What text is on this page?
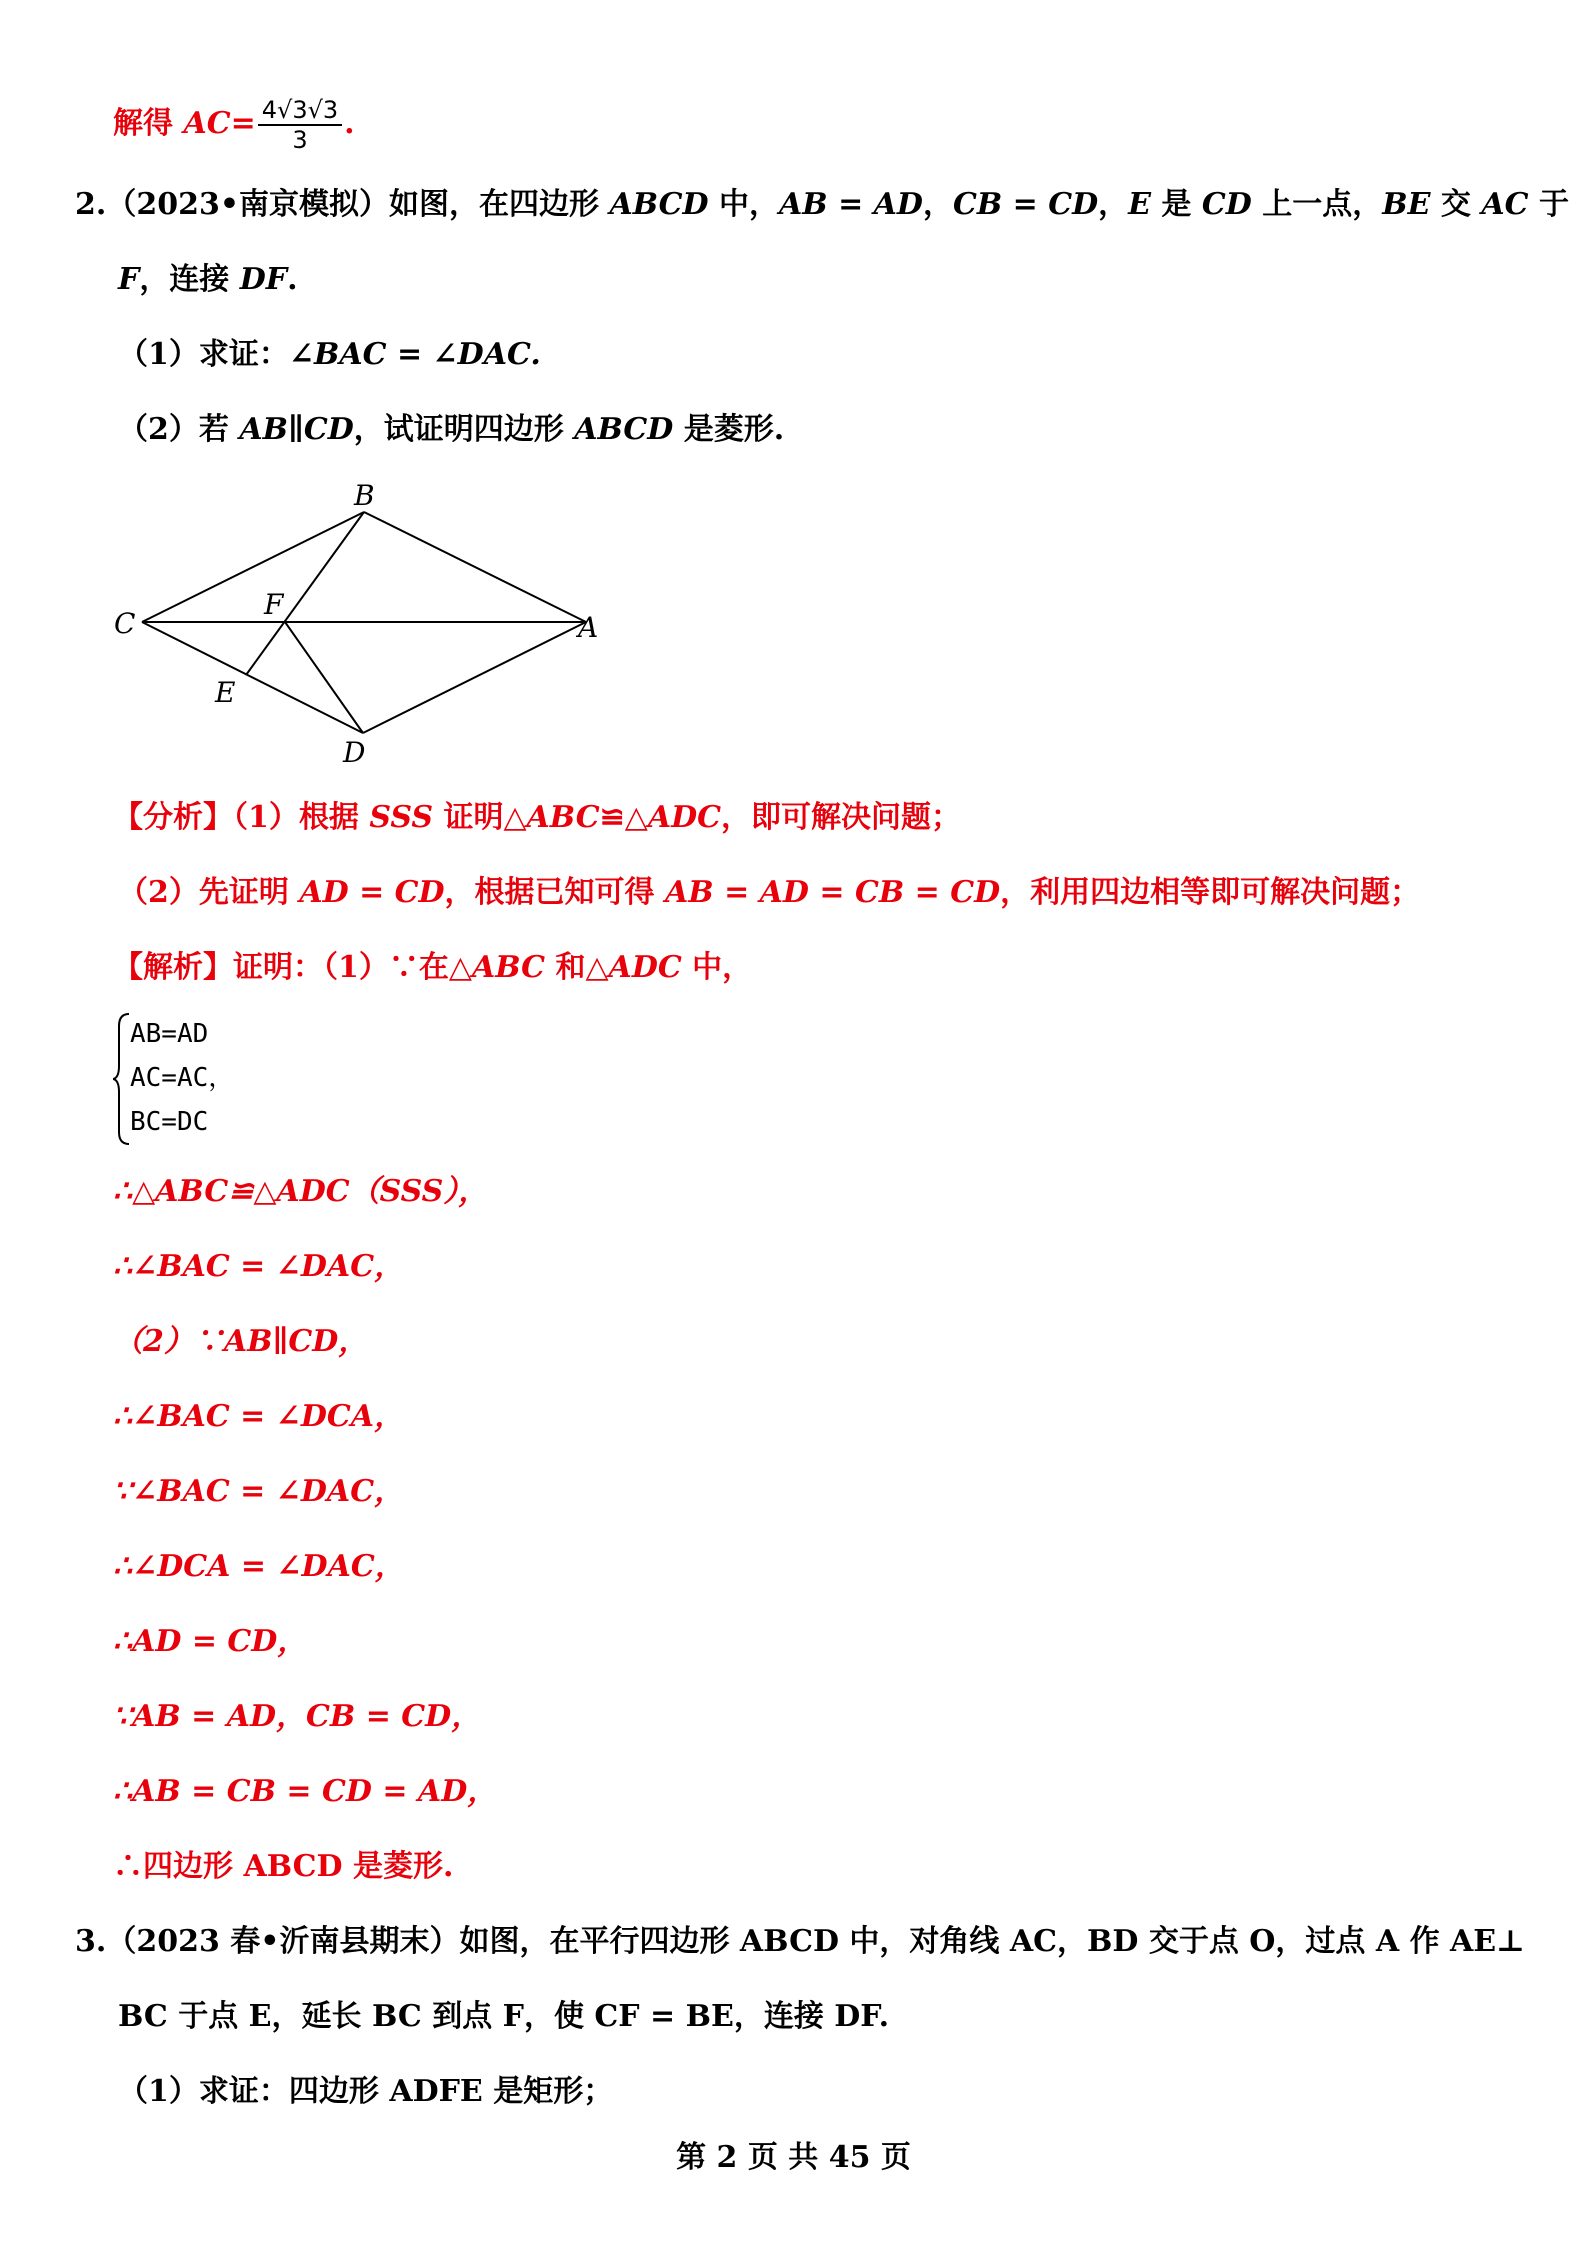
解得 $AC= \frac{4√3√3}{3}$ .
2.（2023•南京模拟）如图，在四边形 ABCD 中，AB = AD，CB = CD，E 是 CD 上一点，BE 交 AC 于
F，连接 DF.
（1）求证：∠BAC = ∠DAC.
（2）若 AB∥CD，试证明四边形 ABCD 是菱形.
B
C
F
A
E
D
【分析】（1）根据 SSS 证明△ABC≌△ADC，即可解决问题；
（2）先证明 AD = CD，根据已知可得 AB = AD = CB = CD，利用四边相等即可解决问题；
【解析】证明：（1）∵在△ABC 和△ADC 中，
AB=AD
AC=AC，
BC=DC
∴△ABC≌△ADC（SSS），
∴∠BAC = ∠DAC，
（2）∵AB∥CD，
∴∠BAC = ∠DCA，
∵∠BAC = ∠DAC，
∴∠DCA = ∠DAC，
∴AD = CD，
∵AB = AD，CB = CD，
∴AB = CB = CD = AD，
∴四边形 ABCD 是菱形.
3.（2023 春•沂南县期末）如图，在平行四边形 ABCD 中，对角线 AC，BD 交于点 O，过点 A 作 AE⊥
BC 于点 E，延长 BC 到点 F，使 CF = BE，连接 DF.
（1）求证：四边形 ADFE 是矩形；
第 2 页 共 45 页
